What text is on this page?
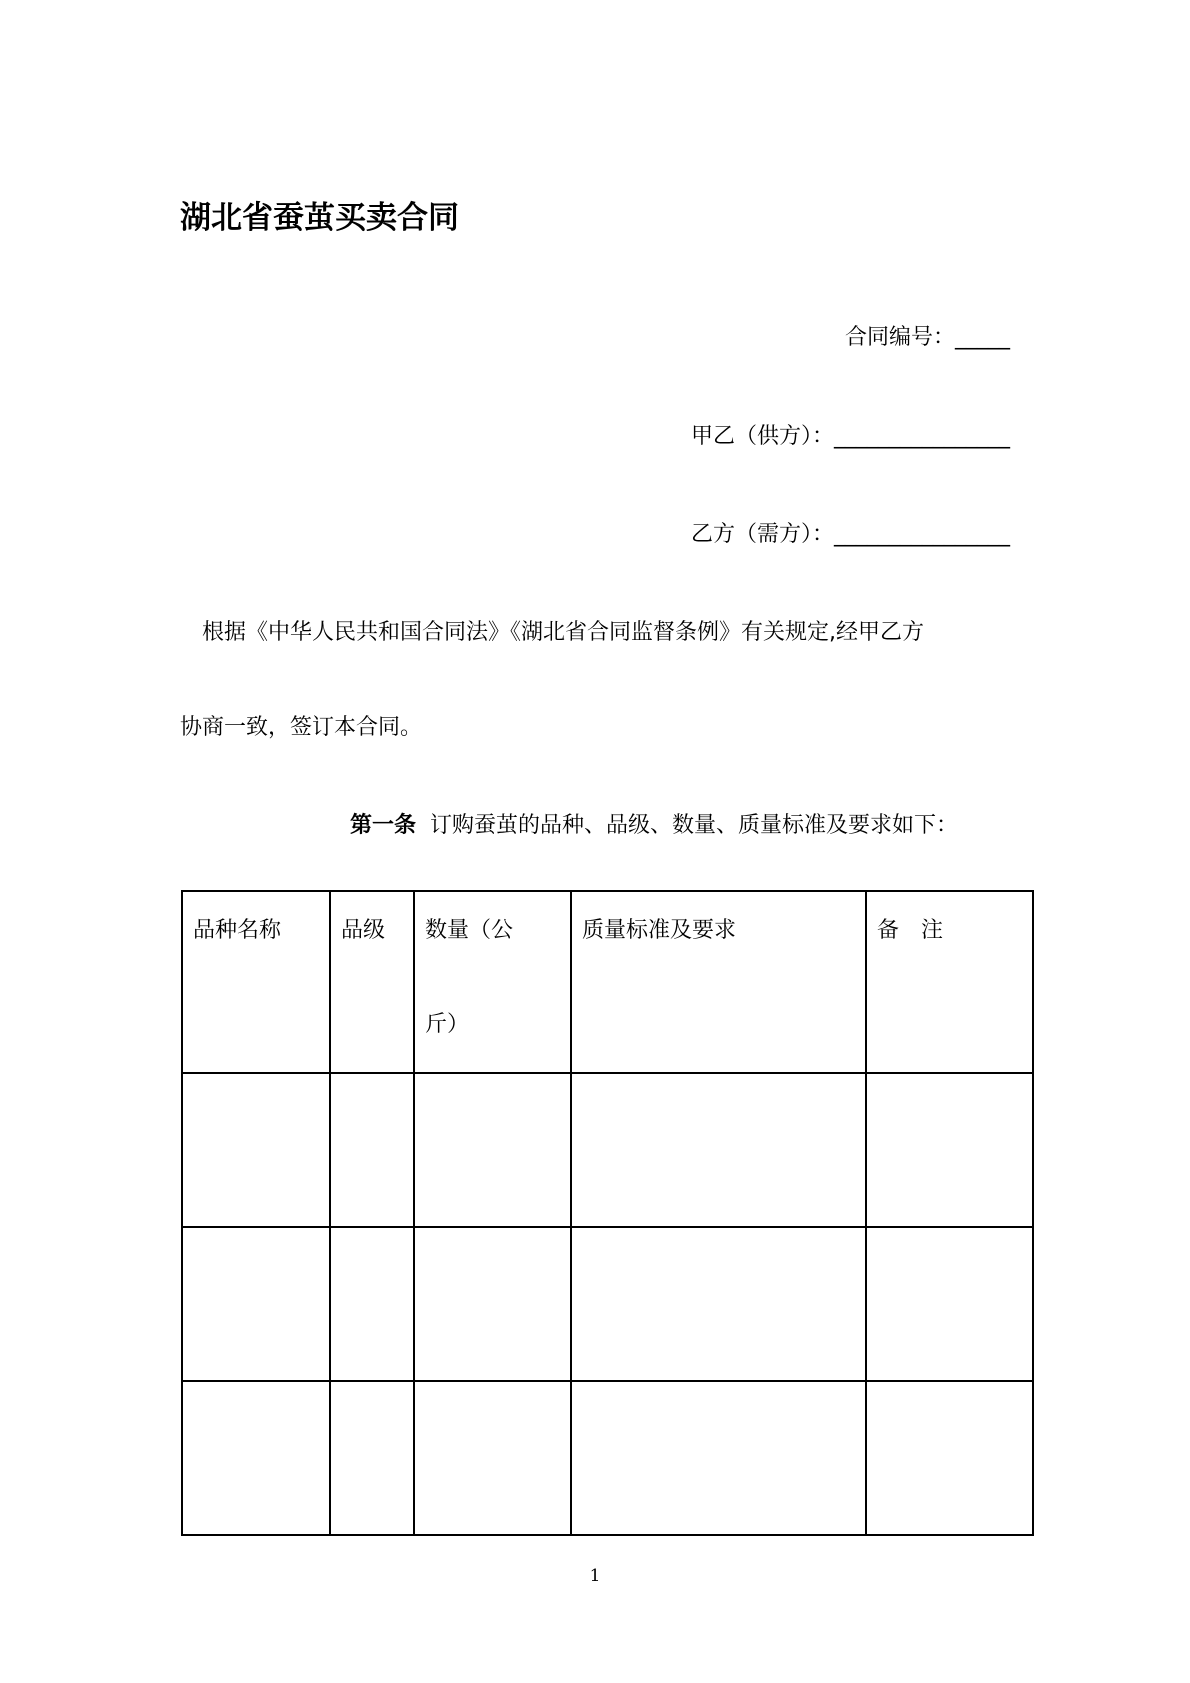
湖北省蚕茧买卖合同
合同编号：_____
甲乙（供方）：________________
乙方（需方）：________________
根据《中华人民共和国合同法》《湖北省合同监督条例》有关规定,经甲乙方
协商一致，签订本合同。
第一条 订购蚕茧的品种、品级、数量、质量标准及要求如下：
品种名称	品级	数量（公斤）	质量标准及要求	备　注

1
